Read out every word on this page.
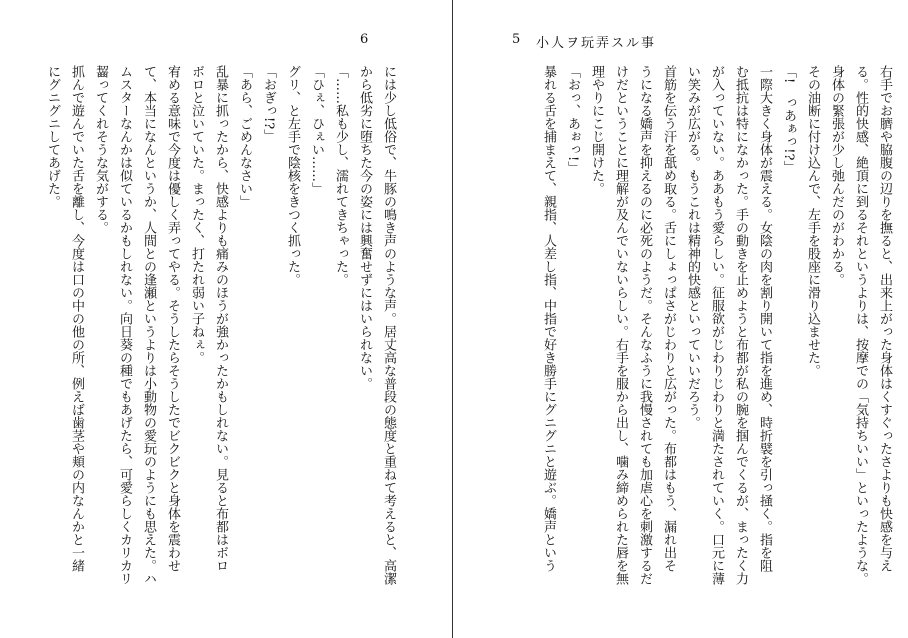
6
には少し低俗で、牛豚の鳴き声のような声。居丈高な普段の態度と重ねて考えると、高潔
から低劣に堕ちた今の姿には興奮せずにはいられない。
「……私も少し、濡れてきちゃった。
「ひぇ、ひぇい……」
グリ、と左手で陰核をきつく抓った。
「おぎっ!?」
「あら、ごめんなさい」
乱暴に抓ったから、快感よりも痛みのほうが強かったかもしれない。見ると布都はボロ
ボロと泣いていた。まったく、打たれ弱い子ねぇ。
宥める意味で今度は優しく弄ってやる。そうしたらそうしたでビクビクと身体を震わせ
て、本当になんというか、人間との逢瀬というよりは小動物の愛玩のようにも思えた。ハ
ムスターなんかは似ているかもしれない。向日葵の種でもあげたら、可愛らしくカリカリ
齧ってくれそうな気がする。
抓んで遊んでいた舌を離し、今度は口の中の他の所、例えば歯茎や頬の内なんかと一緒
にグニグニしてあげた。
5 小人ヲ玩弄スル事
右手でお臍や脇腹の辺りを撫ると、出来上がった身体はくすぐったさよりも快感を与え
る。性的快感、絶頂に到るそれというよりは、按摩での「気持ちいい」といったような。
身体の緊張が少し弛んだのがわかる。
その油断に付け込んで、左手を股座に滑り込ませた。
「!　っあぁっ!?」
一際大きく身体が震える。女陰の肉を割り開いて指を進め、時折襞を引っ掻く。指を阻
む抵抗は特になかった。手の動きを止めようと布都が私の腕を掴んでくるが、まったく力
が入っていない。ああもう愛らしい。征服欲がじわりじわりと満たされていく。口元に薄
い笑みが広がる。もうこれは精神的快感といっていいだろう。
首筋を伝う汗を舐め取る。舌にしょっぱさがじわりと広がった。布都はもう、漏れ出そ
うになる嬌声を抑えるのに必死のようだ。そんなふうに我慢されても加虐心を刺激するだ
けだということに理解が及んでいないらしい。右手を服から出し、噛み締められた唇を無
理やりにこじ開けた。
「おっ、あぉっ!」
暴れる舌を捕まえて、親指、人差し指、中指で好き勝手にグニグニと遊ぶ。嬌声という
